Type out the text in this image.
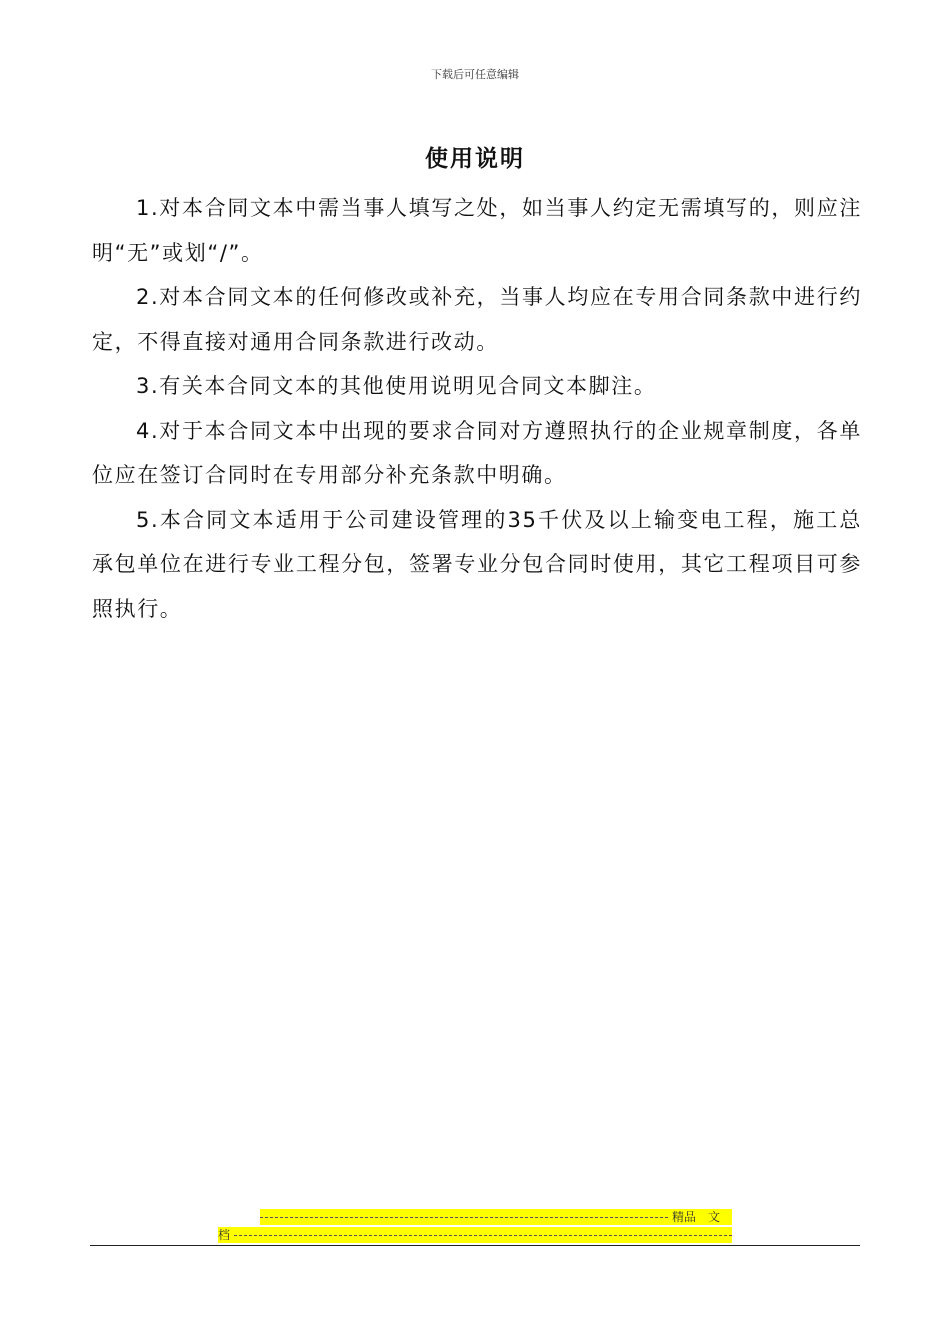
下载后可任意编辑
使用说明

1.对本合同文本中需当事人填写之处，如当事人约定无需填写的，则应注明“无”或划“/”。

2.对本合同文本的任何修改或补充，当事人均应在专用合同条款中进行约定，不得直接对通用合同条款进行改动。

3.有关本合同文本的其他使用说明见合同文本脚注。

4.对于本合同文本中出现的要求合同对方遵照执行的企业规章制度，各单位应在签订合同时在专用部分补充条款中明确。

5.本合同文本适用于公司建设管理的35千伏及以上输变电工程，施工总承包单位在进行专业工程分包，签署专业分包合同时使用，其它工程项目可参照执行。

精品　文
档
